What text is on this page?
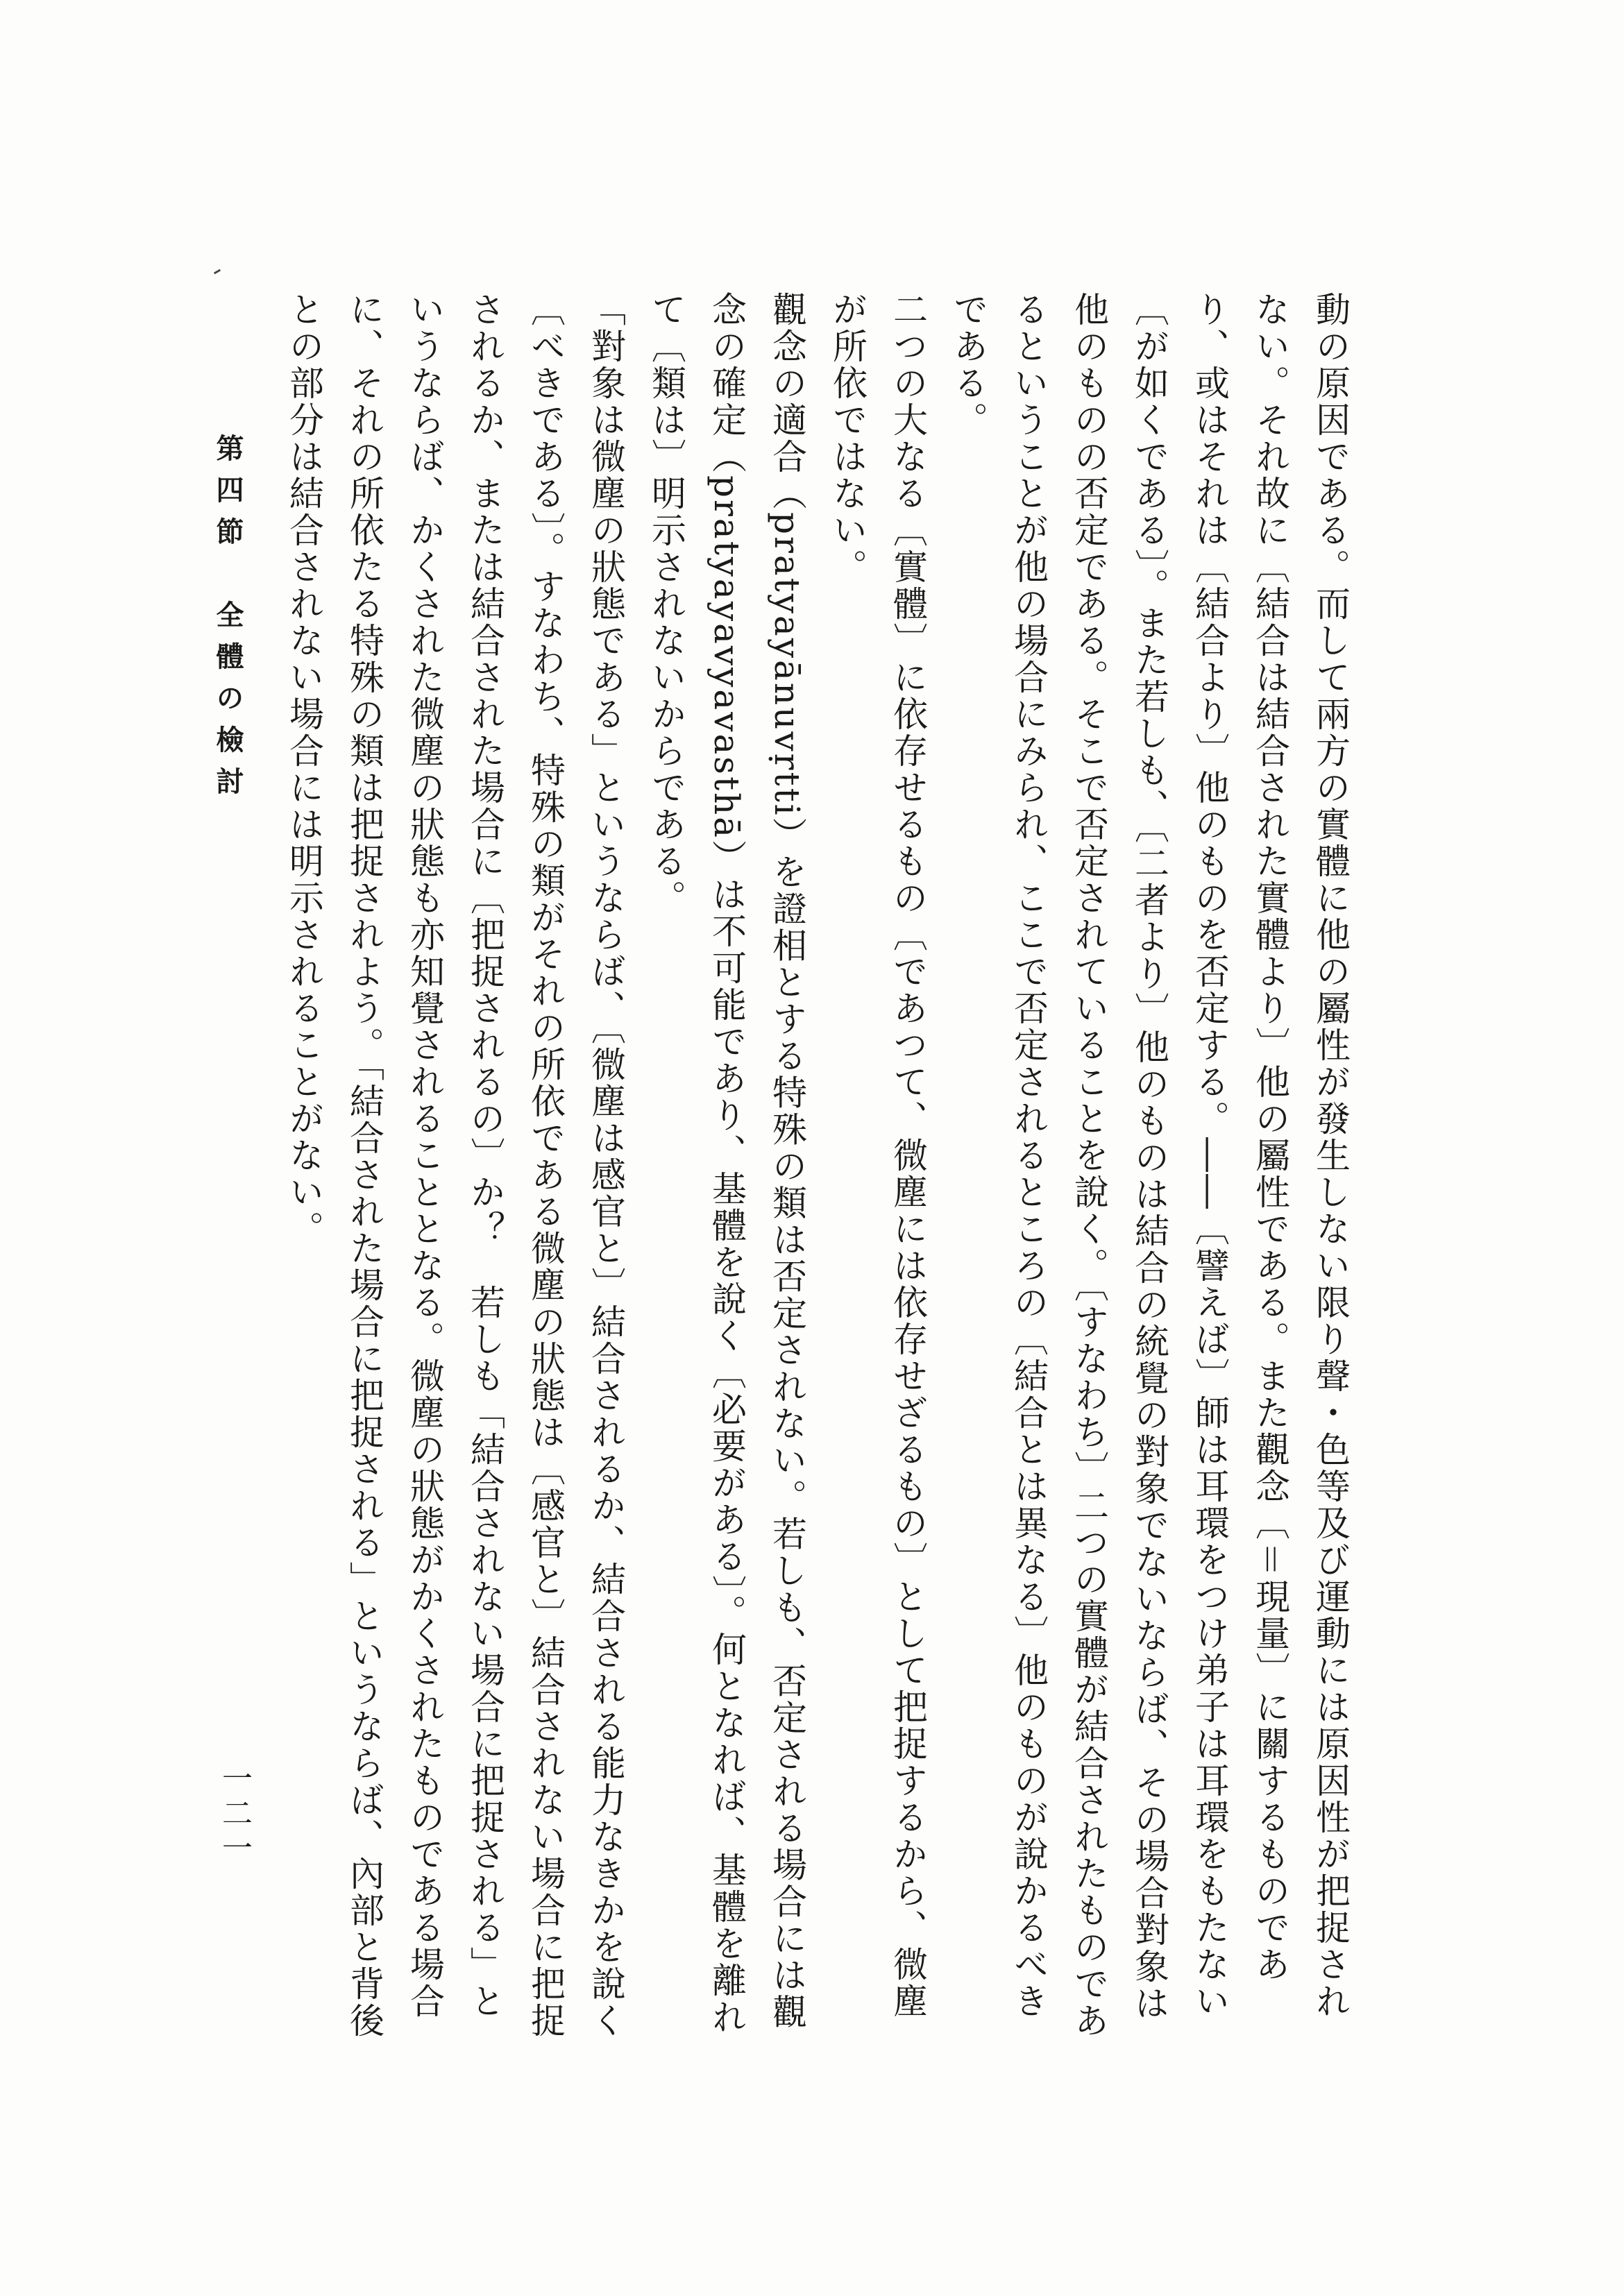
動の原因である。而して兩方の實體に他の屬性が發生しない限り聲・色等及び運動には原因性が把捉されない。それ故に〔結合は結合された實體より〕他の屬性である。また觀念〔＝現量〕に關するものであり、或はそれは〔結合より〕他のものを否定する。――〔譬えば〕師は耳環をつけ弟子は耳環をもたない〔が如くである〕。また若しも、〔二者より〕他のものは結合の統覺の對象でないならば、その場合對象は他のものの否定である。そこで否定されていることを說く。〔すなわち〕二つの實體が結合されたものであるということが他の場合にみられ、ここで否定されるところの〔結合とは異なる〕他のものが說かるべきである。

二つの大なる〔實體〕に依存せるもの〔であつて、微塵には依存せざるもの〕として把捉するから、微塵が所依ではない。

觀念の適合（pratyayānuvṛtti）を證相とする特殊の類は否定されない。若しも、否定される場合には觀念の確定（pratyayavyavasthā）は不可能であり、基體を說く〔必要がある〕。何となれば、基體を離れて〔類は〕明示されないからである。

「對象は微塵の狀態である」というならば、〔微塵は感官と〕結合されるか、結合される能力なきかを說く〔べきである〕。すなわち、特殊の類がそれの所依である微塵の狀態は〔感官と〕結合されない場合に把捉されるか、または結合された場合に〔把捉されるの〕か？　若しも「結合されない場合に把捉される」というならば、かくされた微塵の狀態も亦知覺されることとなる。微塵の狀態がかくされたものである場合に、それの所依たる特殊の類は把捉されよう。「結合された場合に把捉される」というならば、內部と背後との部分は結合されない場合には明示されることがない。

第四節　全體の檢討
一二一
